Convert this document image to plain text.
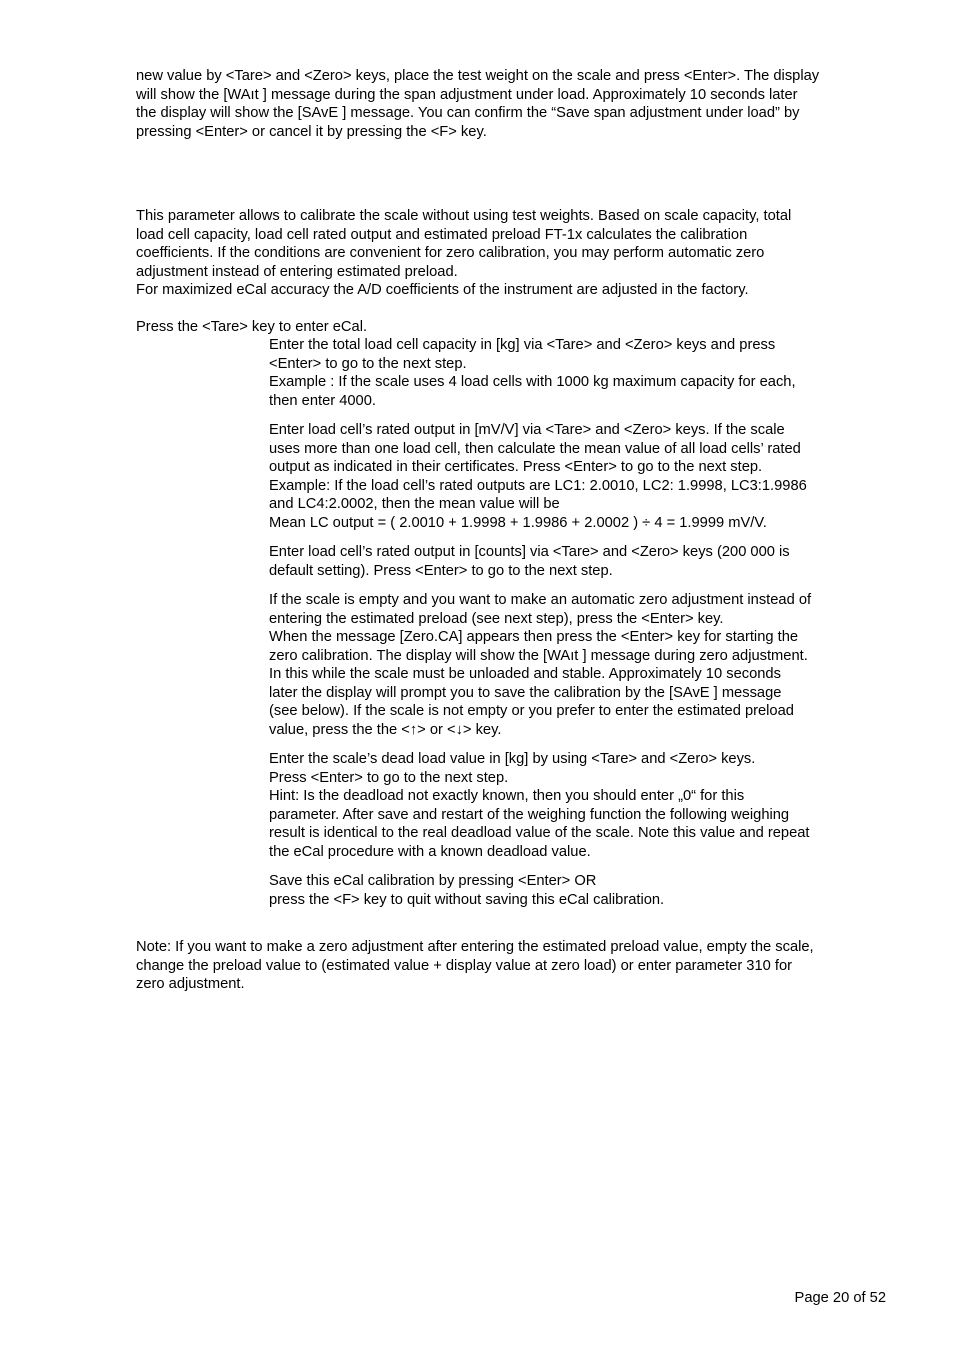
new value by <Tare> and <Zero> keys, place the test weight on the scale and press <Enter>. The display
will show the [WAıt ] message during the span adjustment under load. Approximately 10 seconds later
the display will show the [SAvE ] message. You can confirm the “Save span adjustment under load” by
pressing <Enter> or cancel it by pressing the <F> key.
This parameter allows to calibrate the scale without using test weights. Based on scale capacity, total
load cell capacity, load cell rated output and estimated preload FT-1x calculates the calibration
coefficients. If the conditions are convenient for zero calibration, you may perform automatic zero
adjustment instead of entering estimated preload.
For maximized eCal accuracy the A/D coefficients of the instrument are adjusted in the factory.
Press the <Tare> key to enter eCal.
Enter the total load cell capacity in [kg] via <Tare> and <Zero> keys and press
<Enter> to go to the next step.
Example : If the scale uses 4 load cells with 1000 kg maximum capacity for each,
then enter 4000.
Enter load cell’s rated output in [mV/V] via <Tare> and <Zero> keys. If the scale
uses more than one load cell, then calculate the mean value of all load cells’ rated
output as indicated in their certificates. Press <Enter> to go to the next step.
Example: If the load cell’s rated outputs are LC1: 2.0010, LC2: 1.9998, LC3:1.9986
and LC4:2.0002, then the mean value will be
Mean LC output = ( 2.0010 + 1.9998 + 1.9986 + 2.0002 ) ÷ 4 = 1.9999 mV/V.
Enter load cell’s rated output in [counts] via <Tare> and <Zero> keys (200 000 is
default setting). Press <Enter> to go to the next step.
If the scale is empty and you want to make an automatic zero adjustment instead of
entering the estimated preload (see next step), press the <Enter> key.
When the message [Zero.CA] appears then press the <Enter> key for starting the
zero calibration. The display will show the [WAıt ] message during zero adjustment.
In this while the scale must be unloaded and stable. Approximately 10 seconds
later the display will prompt you to save the calibration by the [SAvE ] message
(see below). If the scale is not empty or you prefer to enter the estimated preload
value, press the the <↑> or <↓> key.
Enter the scale’s dead load value in [kg] by using <Tare> and <Zero> keys.
Press <Enter> to go to the next step.
Hint: Is the deadload not exactly known, then you should enter „0“ for this
parameter. After save and restart of the weighing function the following weighing
result is identical to the real deadload value of the scale. Note this value and repeat
the eCal procedure with a known deadload value.
Save this eCal calibration by pressing <Enter> OR
press the <F> key to quit without saving this eCal calibration.
Note: If you want to make a zero adjustment after entering the estimated preload value, empty the scale,
change the preload value to (estimated value + display value at zero load) or enter parameter 310 for
zero adjustment.
Page 20 of 52
